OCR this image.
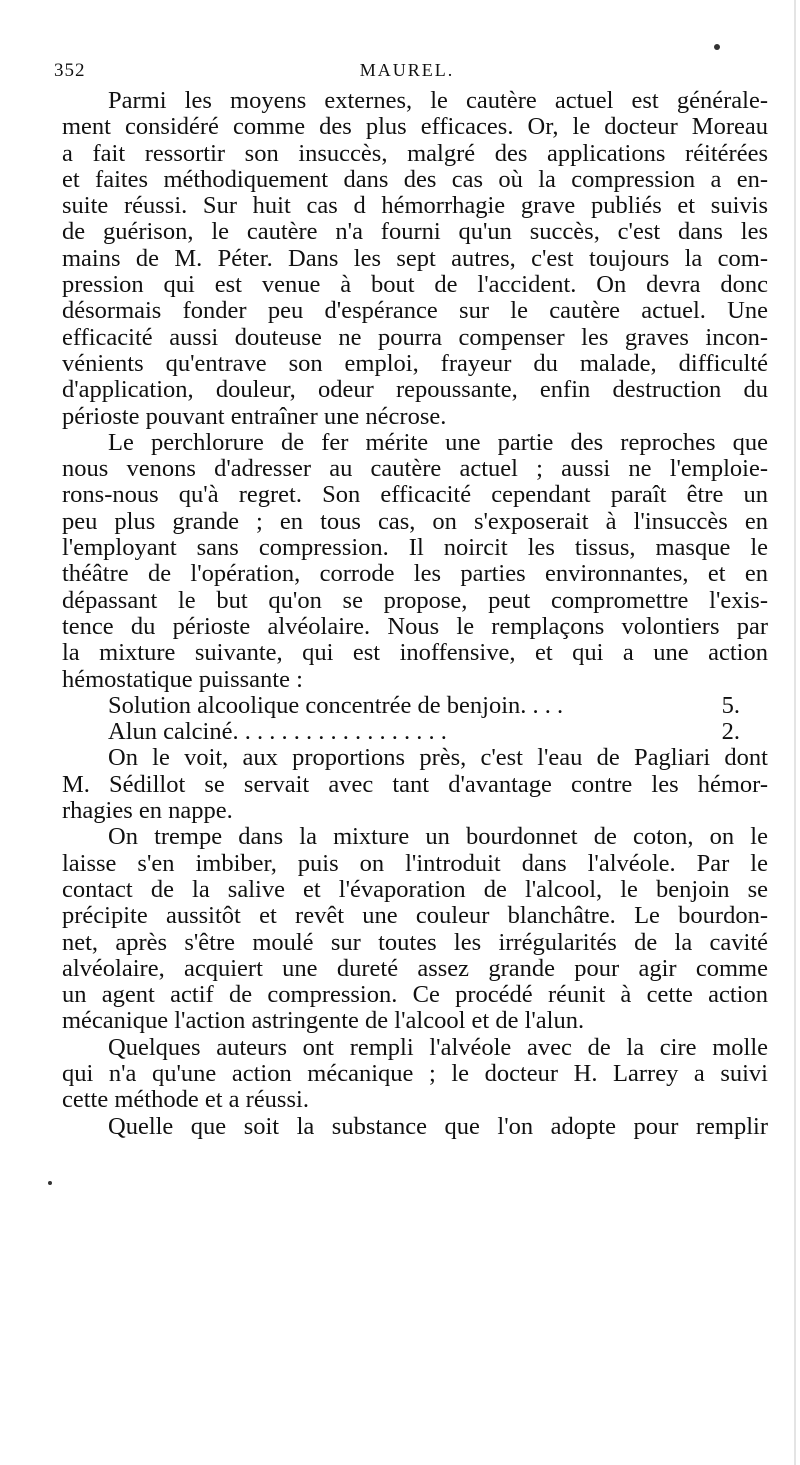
352	MAUREL.
Parmi les moyens externes, le cautère actuel est générale-
ment considéré comme des plus efficaces. Or, le docteur Moreau
a fait ressortir son insuccès, malgré des applications réitérées
et faites méthodiquement dans des cas où la compression a en-
suite réussi. Sur huit cas d hémorrhagie grave publiés et suivis
de guérison, le cautère n'a fourni qu'un succès, c'est dans les
mains de M. Péter. Dans les sept autres, c'est toujours la com-
pression qui est venue à bout de l'accident. On devra donc
désormais fonder peu d'espérance sur le cautère actuel. Une
efficacité aussi douteuse ne pourra compenser les graves incon-
vénients qu'entrave son emploi, frayeur du malade, difficulté
d'application, douleur, odeur repoussante, enfin destruction du
périoste pouvant entraîner une nécrose.
Le perchlorure de fer mérite une partie des reproches que
nous venons d'adresser au cautère actuel ; aussi ne l'emploie-
rons-nous qu'à regret. Son efficacité cependant paraît être un
peu plus grande ; en tous cas, on s'exposerait à l'insuccès en
l'employant sans compression. Il noircit les tissus, masque le
théâtre de l'opération, corrode les parties environnantes, et en
dépassant le but qu'on se propose, peut compromettre l'exis-
tence du périoste alvéolaire. Nous le remplaçons volontiers par
la mixture suivante, qui est inoffensive, et qui a une action
hémostatique puissante :
Solution alcoolique concentrée de benjoin. . . .	5.
Alun calciné. . . . . . . . . . . . . . . . . .	2.
On le voit, aux proportions près, c'est l'eau de Pagliari dont
M. Sédillot se servait avec tant d'avantage contre les hémor-
rhagies en nappe.
On trempe dans la mixture un bourdonnet de coton, on le
laisse s'en imbiber, puis on l'introduit dans l'alvéole. Par le
contact de la salive et l'évaporation de l'alcool, le benjoin se
précipite aussitôt et revêt une couleur blanchâtre. Le bourdon-
net, après s'être moulé sur toutes les irrégularités de la cavité
alvéolaire, acquiert une dureté assez grande pour agir comme
un agent actif de compression. Ce procédé réunit à cette action
mécanique l'action astringente de l'alcool et de l'alun.
Quelques auteurs ont rempli l'alvéole avec de la cire molle
qui n'a qu'une action mécanique ; le docteur H. Larrey a suivi
cette méthode et a réussi.
Quelle que soit la substance que l'on adopte pour remplir
